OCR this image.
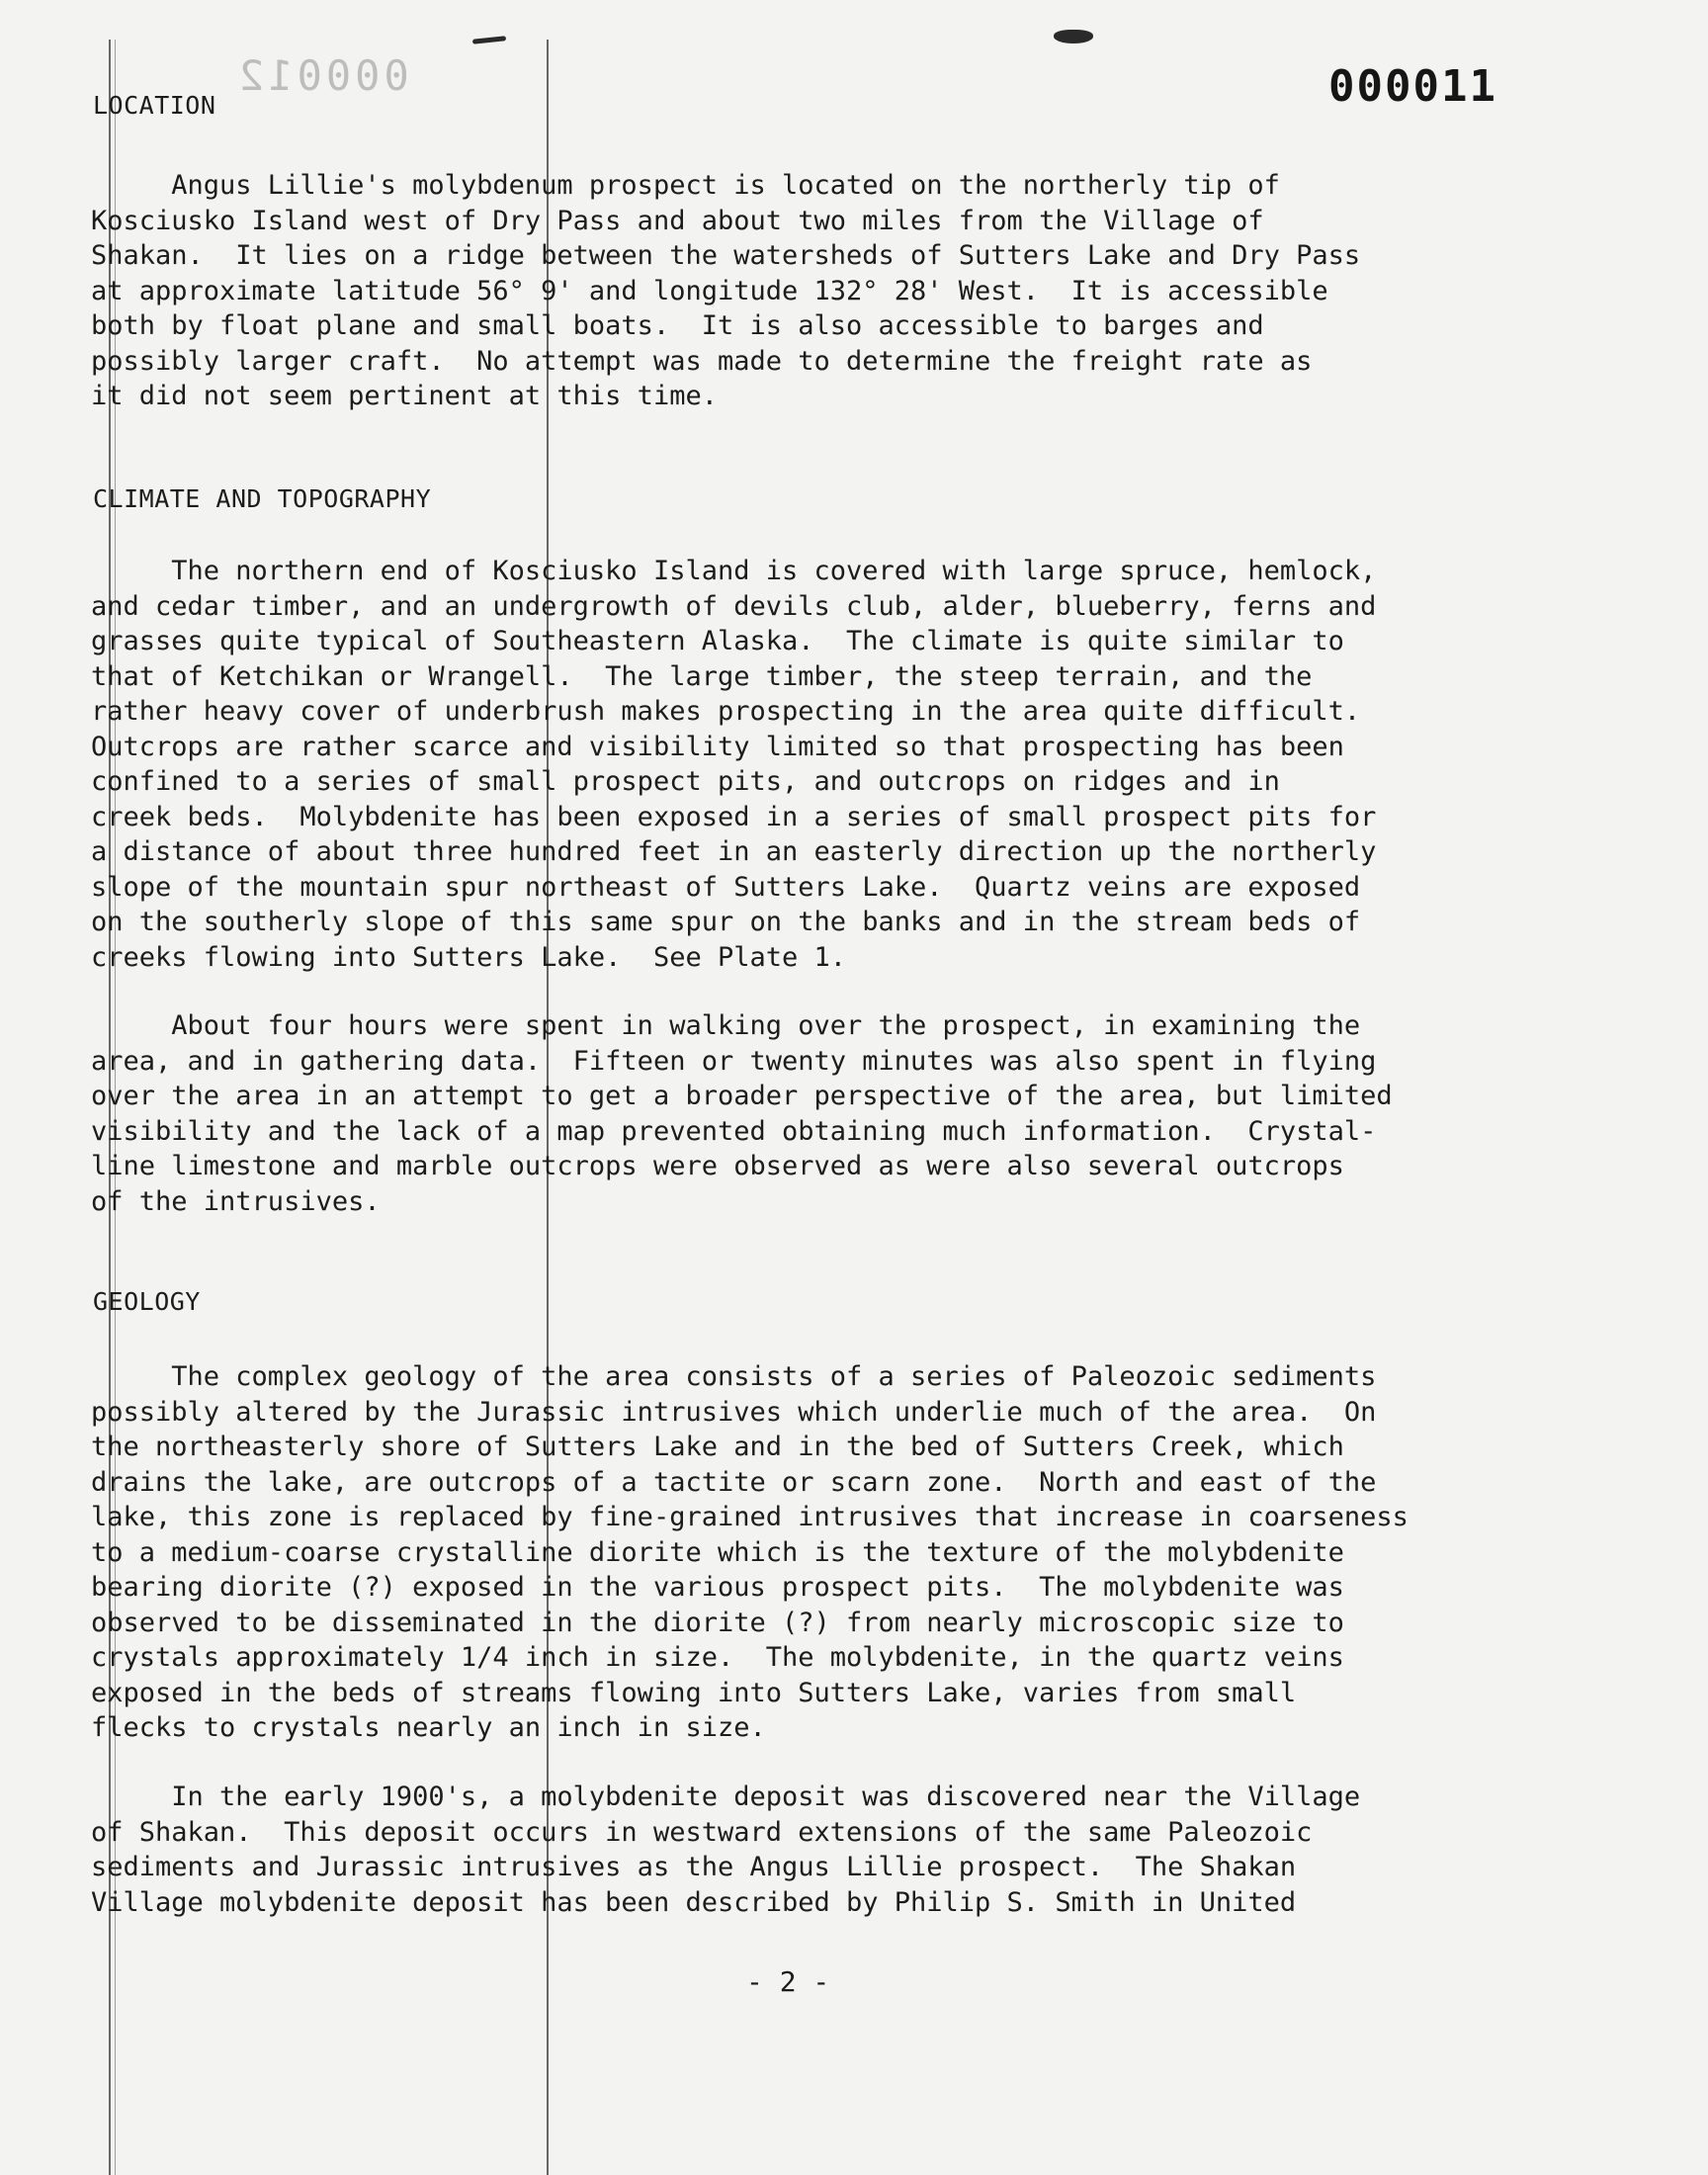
000012	000011
LOCATION

Angus Lillie's molybdenum prospect is located on the northerly tip of

Kosciusko Island west of Dry Pass and about two miles from the Village of

Shakan.  It lies on a ridge between the watersheds of Sutters Lake and Dry Pass

at approximate latitude 56° 9' and longitude 132° 28' West.  It is accessible

both by float plane and small boats.  It is also accessible to barges and

possibly larger craft.  No attempt was made to determine the freight rate as

it did not seem pertinent at this time.

CLIMATE AND TOPOGRAPHY

The northern end of Kosciusko Island is covered with large spruce, hemlock,

and cedar timber, and an undergrowth of devils club, alder, blueberry, ferns and

grasses quite typical of Southeastern Alaska.  The climate is quite similar to

that of Ketchikan or Wrangell.  The large timber, the steep terrain, and the

rather heavy cover of underbrush makes prospecting in the area quite difficult.

Outcrops are rather scarce and visibility limited so that prospecting has been

confined to a series of small prospect pits, and outcrops on ridges and in

creek beds.  Molybdenite has been exposed in a series of small prospect pits for

a distance of about three hundred feet in an easterly direction up the northerly

slope of the mountain spur northeast of Sutters Lake.  Quartz veins are exposed

on the southerly slope of this same spur on the banks and in the stream beds of

creeks flowing into Sutters Lake.  See Plate 1.

About four hours were spent in walking over the prospect, in examining the

area, and in gathering data.  Fifteen or twenty minutes was also spent in flying

over the area in an attempt to get a broader perspective of the area, but limited

visibility and the lack of a map prevented obtaining much information.  Crystal-

line limestone and marble outcrops were observed as were also several outcrops

of the intrusives.

GEOLOGY

The complex geology of the area consists of a series of Paleozoic sediments

possibly altered by the Jurassic intrusives which underlie much of the area.  On

the northeasterly shore of Sutters Lake and in the bed of Sutters Creek, which

drains the lake, are outcrops of a tactite or scarn zone.  North and east of the

lake, this zone is replaced by fine-grained intrusives that increase in coarseness

to a medium-coarse crystalline diorite which is the texture of the molybdenite

bearing diorite (?) exposed in the various prospect pits.  The molybdenite was

observed to be disseminated in the diorite (?) from nearly microscopic size to

crystals approximately 1/4 inch in size.  The molybdenite, in the quartz veins

exposed in the beds of streams flowing into Sutters Lake, varies from small

flecks to crystals nearly an inch in size.

In the early 1900's, a molybdenite deposit was discovered near the Village

of Shakan.  This deposit occurs in westward extensions of the same Paleozoic

sediments and Jurassic intrusives as the Angus Lillie prospect.  The Shakan

Village molybdenite deposit has been described by Philip S. Smith in United

- 2 -
